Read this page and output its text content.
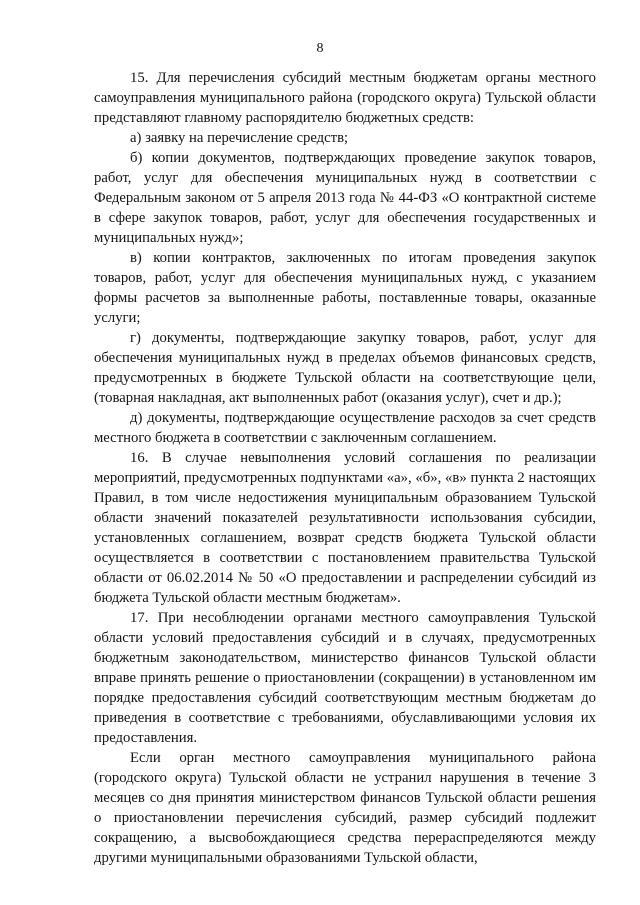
8

15. Для перечисления субсидий местным бюджетам органы местного самоуправления муниципального района (городского округа) Тульской области представляют главному распорядителю бюджетных средств:

а) заявку на перечисление средств;

б) копии документов, подтверждающих проведение закупок товаров, работ, услуг для обеспечения муниципальных нужд в соответствии с Федеральным законом от 5 апреля 2013 года № 44-ФЗ «О контрактной системе в сфере закупок товаров, работ, услуг для обеспечения государственных и муниципальных нужд»;

в) копии контрактов, заключенных по итогам проведения закупок товаров, работ, услуг для обеспечения муниципальных нужд, с указанием формы расчетов за выполненные работы, поставленные товары, оказанные услуги;

г) документы, подтверждающие закупку товаров, работ, услуг для обеспечения муниципальных нужд в пределах объемов финансовых средств, предусмотренных в бюджете Тульской области на соответствующие цели, (товарная накладная, акт выполненных работ (оказания услуг), счет и др.);

д) документы, подтверждающие осуществление расходов за счет средств местного бюджета в соответствии с заключенным соглашением.

16. В случае невыполнения условий соглашения по реализации мероприятий, предусмотренных подпунктами «а», «б», «в» пункта 2 настоящих Правил, в том числе недостижения муниципальным образованием Тульской области значений показателей результативности использования субсидии, установленных соглашением, возврат средств бюджета Тульской области осуществляется в соответствии с постановлением правительства Тульской области от 06.02.2014 № 50 «О предоставлении и распределении субсидий из бюджета Тульской области местным бюджетам».

17. При несоблюдении органами местного самоуправления Тульской области условий предоставления субсидий и в случаях, предусмотренных бюджетным законодательством, министерство финансов Тульской области вправе принять решение о приостановлении (сокращении) в установленном им порядке предоставления субсидий соответствующим местным бюджетам до приведения в соответствие с требованиями, обуславливающими условия их предоставления.

Если орган местного самоуправления муниципального района (городского округа) Тульской области не устранил нарушения в течение 3 месяцев со дня принятия министерством финансов Тульской области решения о приостановлении перечисления субсидий, размер субсидий подлежит сокращению, а высвобождающиеся средства перераспределяются между другими муниципальными образованиями Тульской области,
